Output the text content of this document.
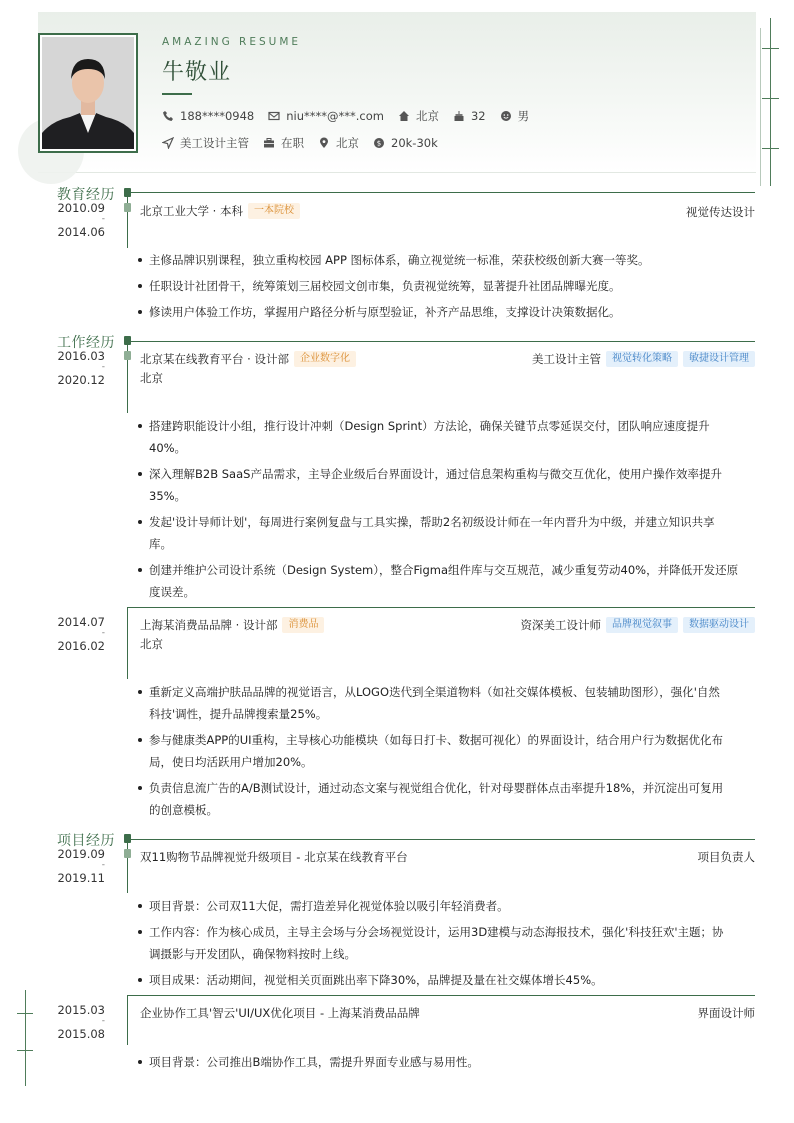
AMAZING RESUME
牛敬业
188****0948	niu****@***.com	北京	32	男
美工设计主管	在职	北京	$ 20k-30k
教育经历
2010.09
-
2014.06
北京工业大学 · 本科	一本院校	视觉传达设计
主修品牌识别课程，独立重构校园 APP 图标体系，确立视觉统一标准，荣获校级创新大赛一等奖。
任职设计社团骨干，统筹策划三届校园文创市集，负责视觉统筹，显著提升社团品牌曝光度。
修读用户体验工作坊，掌握用户路径分析与原型验证，补齐产品思维，支撑设计决策数据化。
工作经历
2016.03
-
2020.12
北京某在线教育平台 · 设计部	企业数字化	美工设计主管	视觉转化策略	敏捷设计管理
北京
搭建跨职能设计小组，推行设计冲刺（Design Sprint）方法论，确保关键节点零延误交付，团队响应速度提升
40%。
深入理解B2B SaaS产品需求，主导企业级后台界面设计，通过信息架构重构与微交互优化，使用户操作效率提升
35%。
发起'设计导师计划'，每周进行案例复盘与工具实操，帮助2名初级设计师在一年内晋升为中级，并建立知识共享
库。
创建并维护公司设计系统（Design System），整合Figma组件库与交互规范，减少重复劳动40%，并降低开发还原
度误差。
2014.07
-
2016.02
上海某消费品品牌 · 设计部	消费品	资深美工设计师	品牌视觉叙事	数据驱动设计
北京
重新定义高端护肤品品牌的视觉语言，从LOGO迭代到全渠道物料（如社交媒体模板、包装辅助图形），强化'自然
科技'调性，提升品牌搜索量25%。
参与健康类APP的UI重构，主导核心功能模块（如每日打卡、数据可视化）的界面设计，结合用户行为数据优化布
局，使日均活跃用户增加20%。
负责信息流广告的A/B测试设计，通过动态文案与视觉组合优化，针对母婴群体点击率提升18%，并沉淀出可复用
的创意模板。
项目经历
2019.09
-
2019.11
双11购物节品牌视觉升级项目 - 北京某在线教育平台	项目负责人
项目背景：公司双11大促，需打造差异化视觉体验以吸引年轻消费者。
工作内容：作为核心成员，主导主会场与分会场视觉设计，运用3D建模与动态海报技术，强化'科技狂欢'主题；协
调摄影与开发团队，确保物料按时上线。
项目成果：活动期间，视觉相关页面跳出率下降30%，品牌提及量在社交媒体增长45%。
2015.03
-
2015.08
企业协作工具'智云'UI/UX优化项目 - 上海某消费品品牌	界面设计师
项目背景：公司推出B端协作工具，需提升界面专业感与易用性。
